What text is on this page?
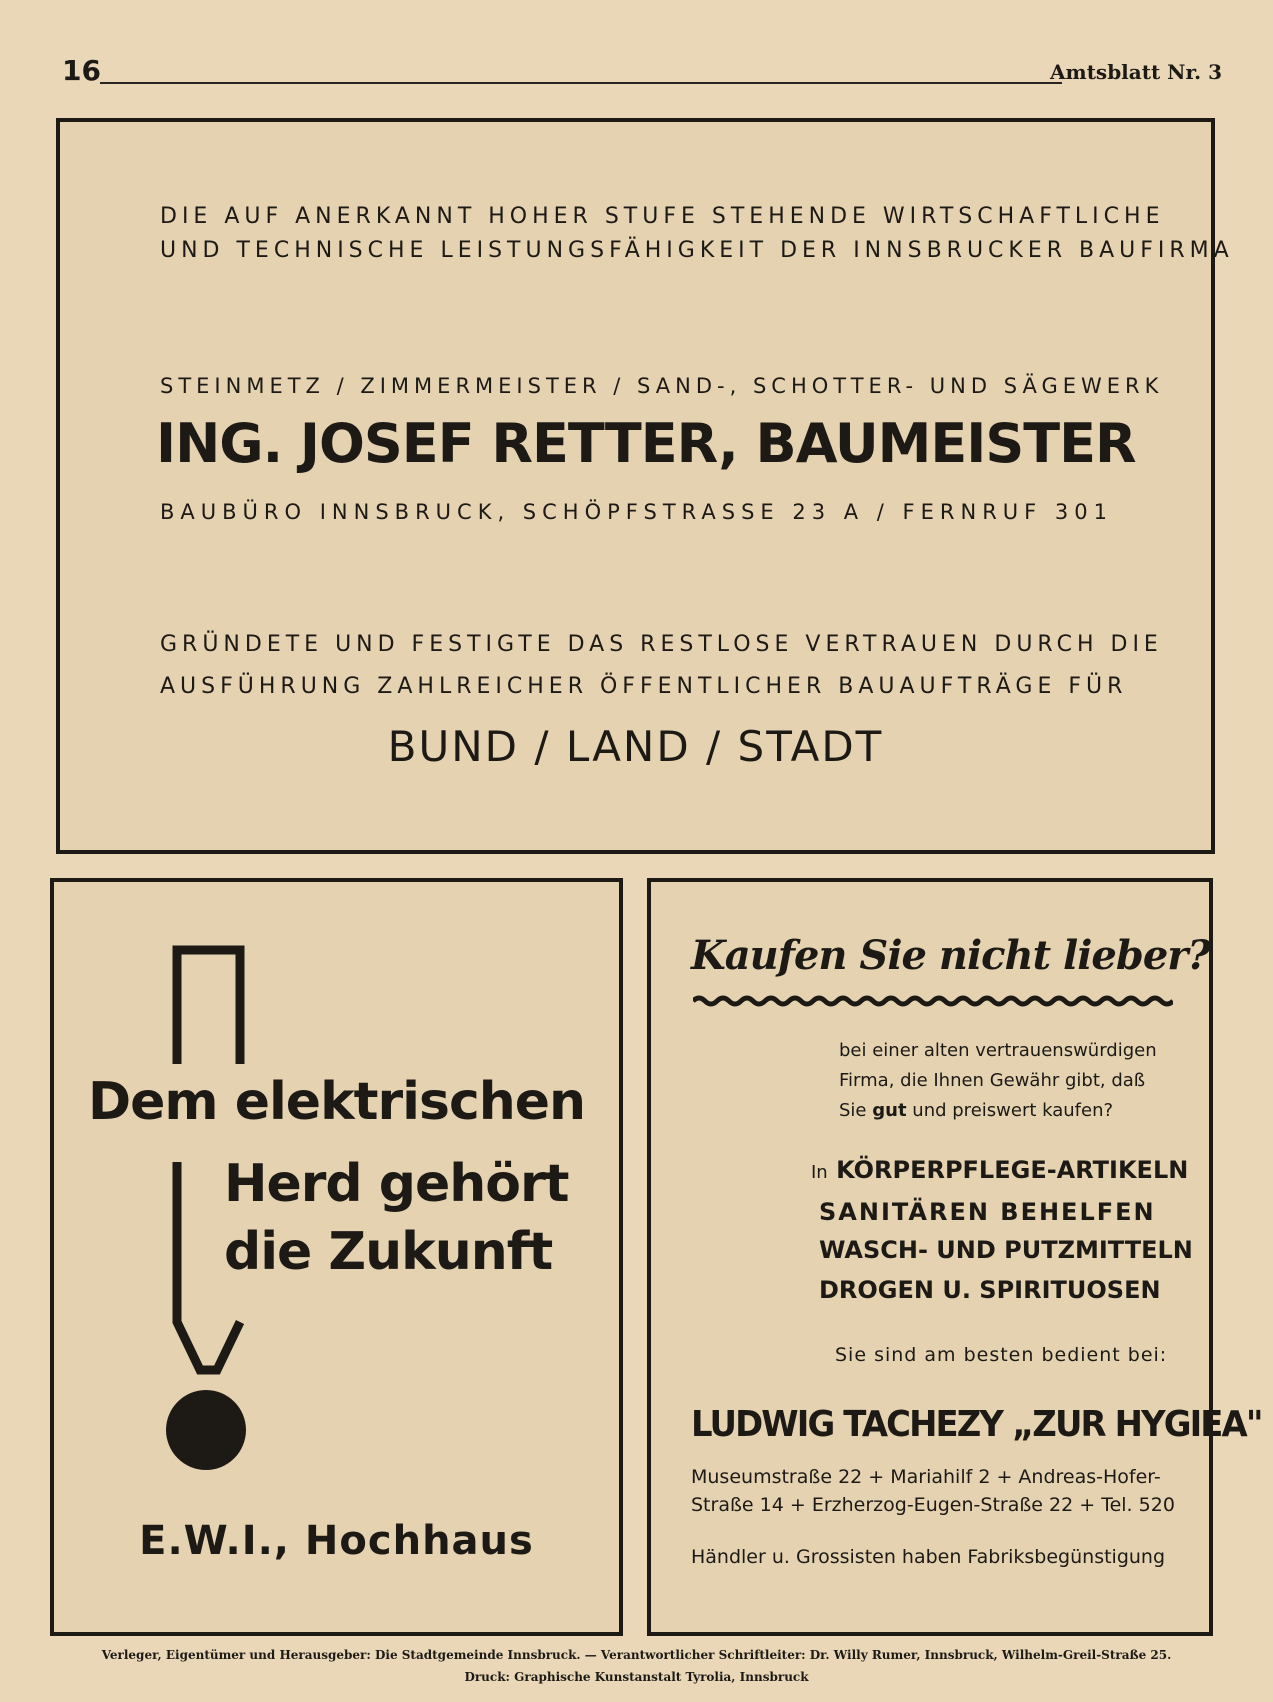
16	Amtsblatt Nr. 3
DIE AUF ANERKANNT HOHER STUFE STEHENDE WIRTSCHAFTLICHE
UND TECHNISCHE LEISTUNGSFÄHIGKEIT DER INNSBRUCKER BAUFIRMA
STEINMETZ / ZIMMERMEISTER / SAND-, SCHOTTER- UND SÄGEWERK
ING. JOSEF RETTER, BAUMEISTER
BAUBÜRO INNSBRUCK, SCHÖPFSTRASSE 23 A / FERNRUF 301
GRÜNDETE UND FESTIGTE DAS RESTLOSE VERTRAUEN DURCH DIE
AUSFÜHRUNG ZAHLREICHER ÖFFENTLICHER BAUAUFTRÄGE FÜR
BUND / LAND / STADT
Dem elektrischen
Herd gehört
die Zukunft
E.W.I., Hochhaus
Kaufen Sie nicht lieber?
bei einer alten vertrauenswürdigen
Firma, die Ihnen Gewähr gibt, daß
Sie gut und preiswert kaufen?
In KÖRPERPFLEGE-ARTIKELN
SANITÄREN BEHELFEN
WASCH- UND PUTZMITTELN
DROGEN U. SPIRITUOSEN
Sie sind am besten bedient bei:
LUDWIG TACHEZY „ZUR HYGIEA"
Museumstraße 22 + Mariahilf 2 + Andreas-Hofer-
Straße 14 + Erzherzog-Eugen-Straße 22 + Tel. 520
Händler u. Grossisten haben Fabriksbegünstigung
Verleger, Eigentümer und Herausgeber: Die Stadtgemeinde Innsbruck. — Verantwortlicher Schriftleiter: Dr. Willy Rumer, Innsbruck, Wilhelm-Greil-Straße 25.
Druck: Graphische Kunstanstalt Tyrolia, Innsbruck
